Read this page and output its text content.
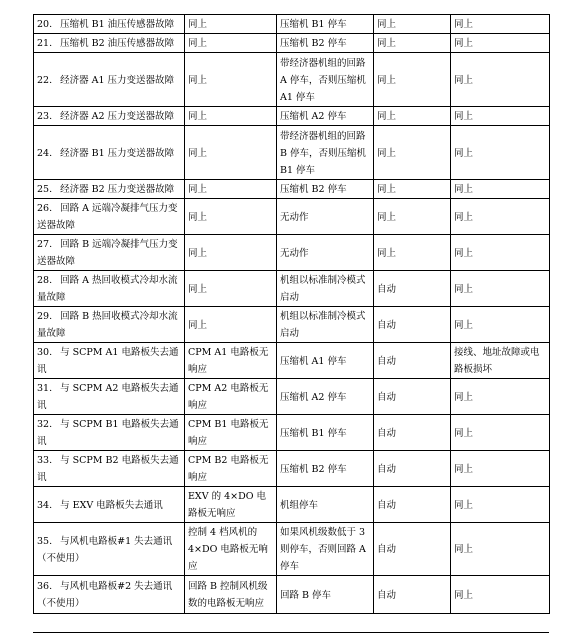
20. 压缩机 B1 油压传感器故障	同上	压缩机 B1 停车	同上	同上
21. 压缩机 B2 油压传感器故障	同上	压缩机 B2 停车	同上	同上
22. 经济器 A1 压力变送器故障	同上	带经济器机组的回路 A 停车，否则压缩机 A1 停车	同上	同上
23. 经济器 A2 压力变送器故障	同上	压缩机 A2 停车	同上	同上
24. 经济器 B1 压力变送器故障	同上	带经济器机组的回路 B 停车，否则压缩机 B1 停车	同上	同上
25. 经济器 B2 压力变送器故障	同上	压缩机 B2 停车	同上	同上
26. 回路 A 远端冷凝排气压力变送器故障	同上	无动作	同上	同上
27. 回路 B 远端冷凝排气压力变送器故障	同上	无动作	同上	同上
28. 回路 A 热回收模式冷却水流量故障	同上	机组以标准制冷模式启动	自动	同上
29. 回路 B 热回收模式冷却水流量故障	同上	机组以标准制冷模式启动	自动	同上
30. 与 SCPM A1 电路板失去通讯	CPM A1 电路板无响应	压缩机 A1 停车	自动	接线、地址故障或电路板损坏
31. 与 SCPM A2 电路板失去通讯	CPM A2 电路板无响应	压缩机 A2 停车	自动	同上
32. 与 SCPM B1 电路板失去通讯	CPM B1 电路板无响应	压缩机 B1 停车	自动	同上
33. 与 SCPM B2 电路板失去通讯	CPM B2 电路板无响应	压缩机 B2 停车	自动	同上
34. 与 EXV 电路板失去通讯	EXV 的 4×DO 电路板无响应	机组停车	自动	同上
35. 与风机电路板#1 失去通讯（不使用）	控制 4 档风机的 4×DO 电路板无响应	如果风机级数低于 3 则停车，否则回路 A 停车	自动	同上
36. 与风机电路板#2 失去通讯（不使用）	回路 B 控制风机级数的电路板无响应	回路 B 停车	自动	同上
